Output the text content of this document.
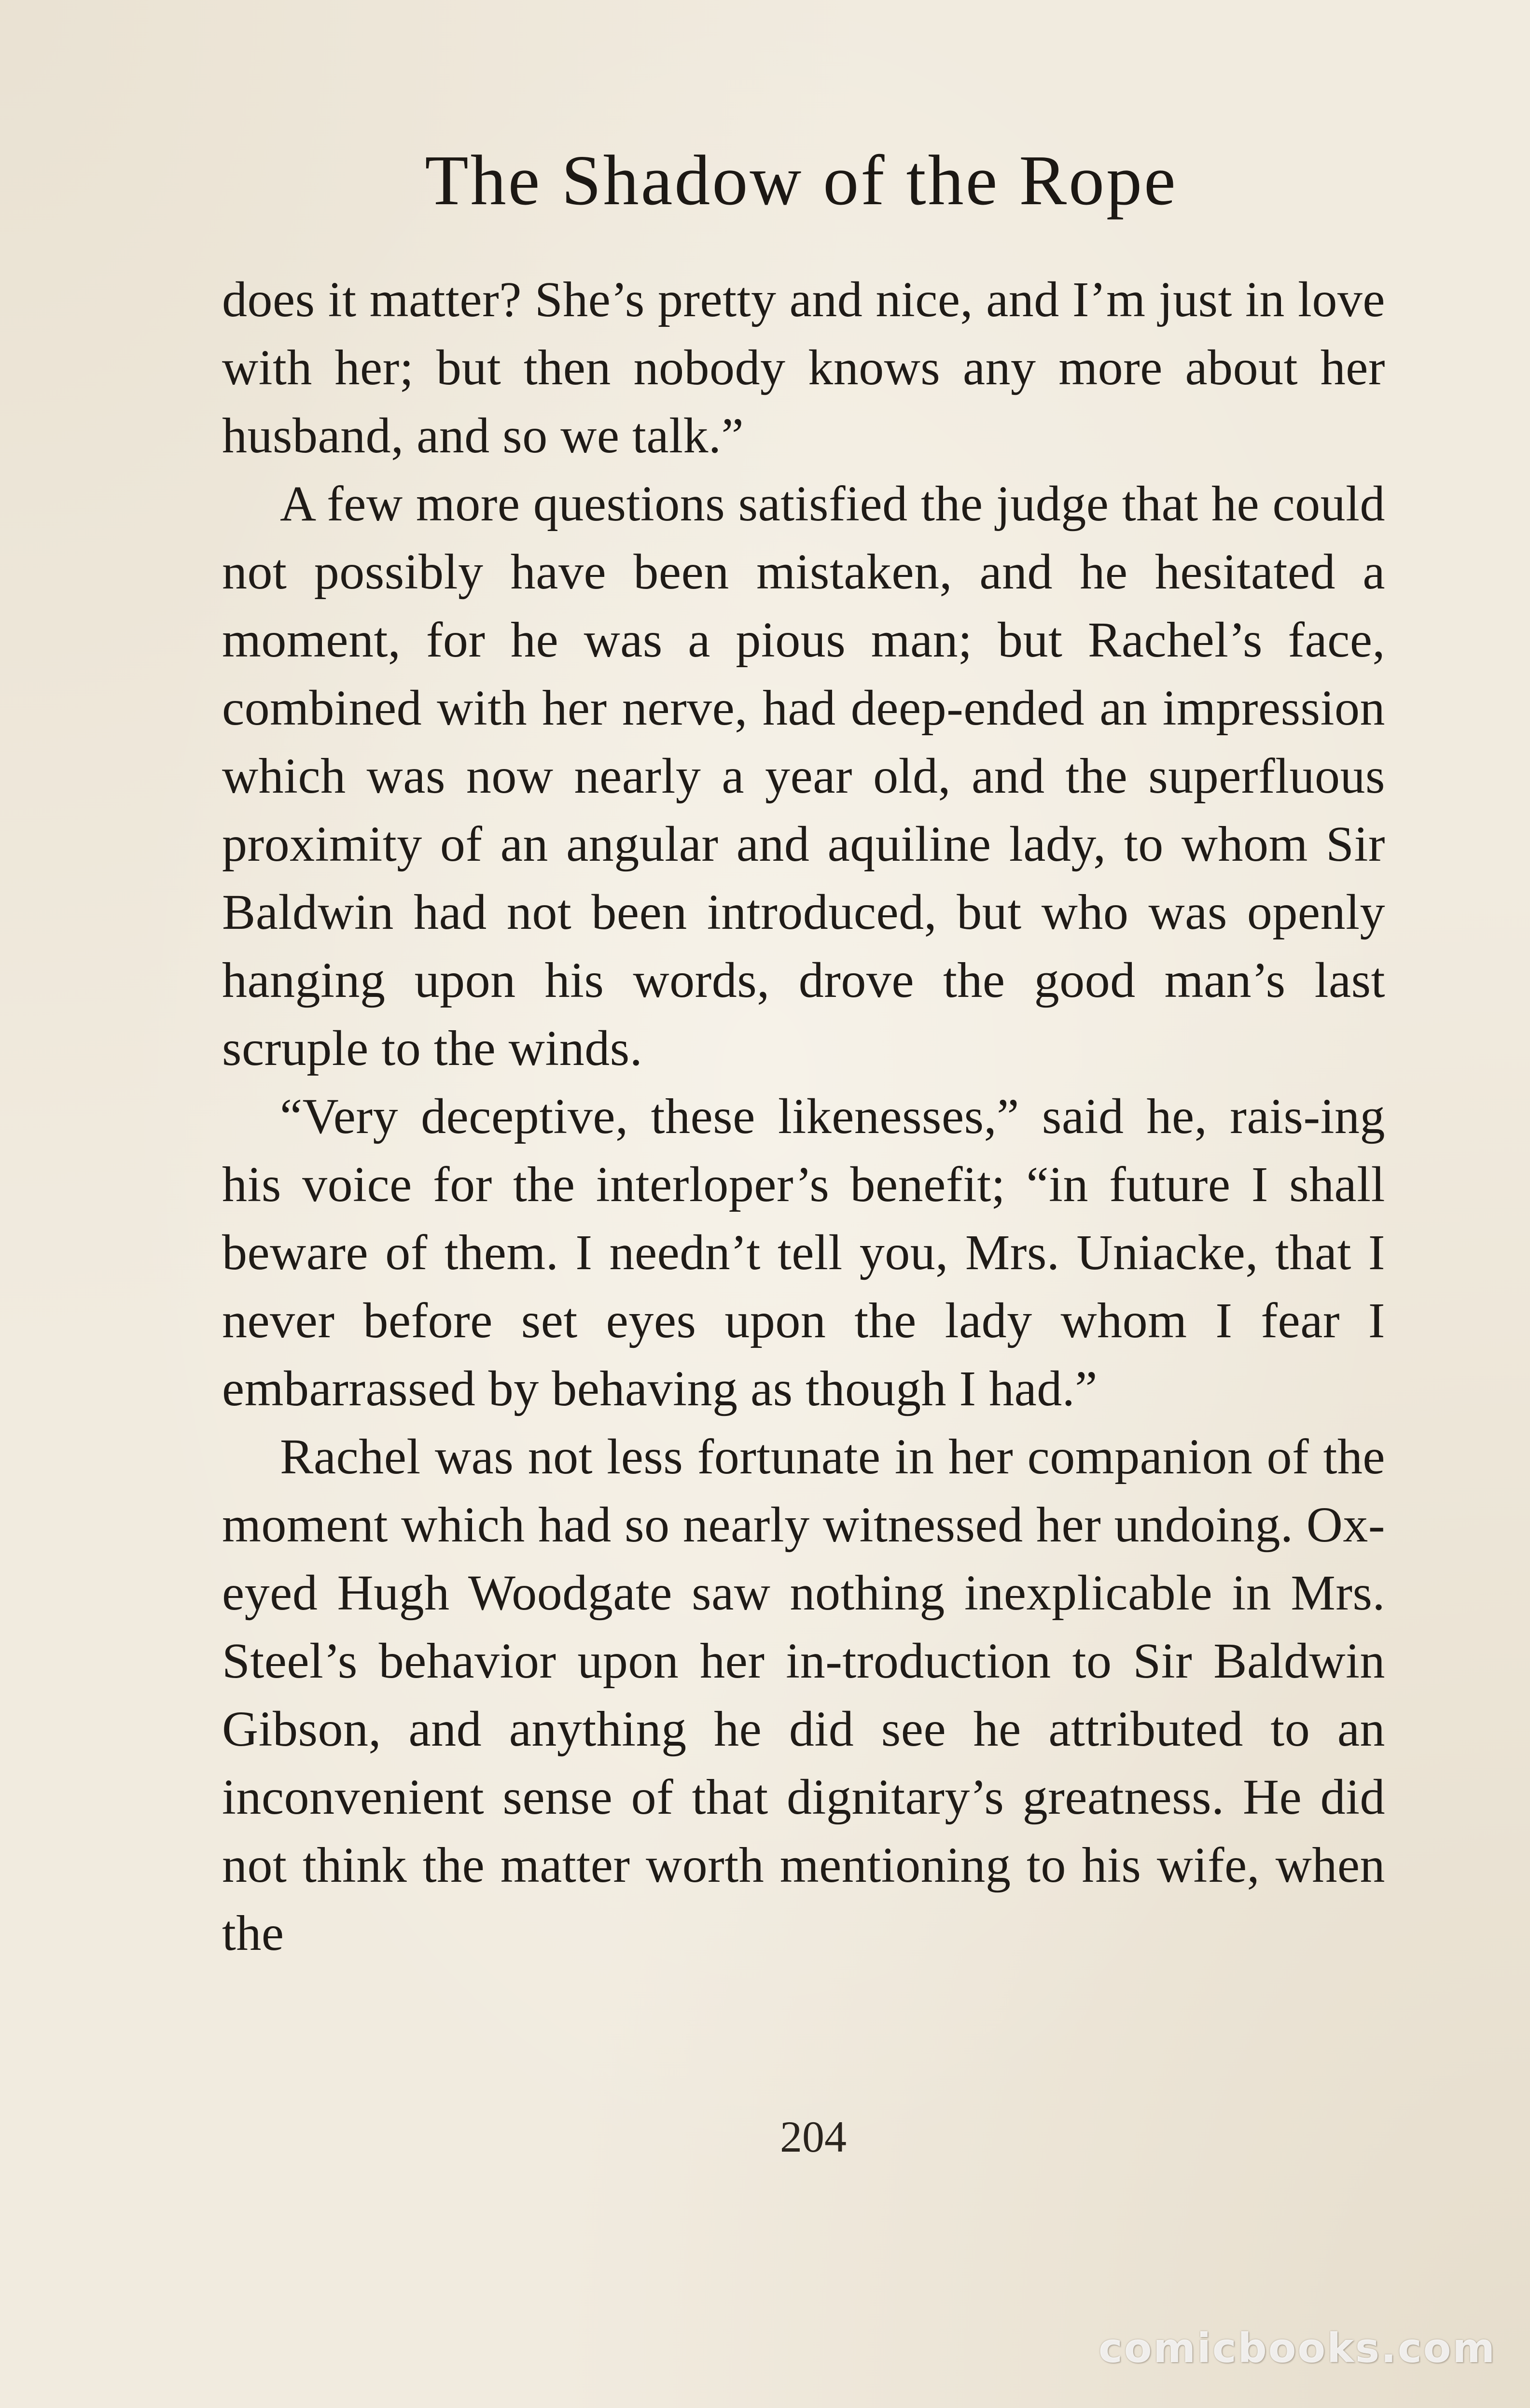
The Shadow of the Rope

does it matter? She’s pretty and nice, and I’m just in love with her; but then nobody knows any more about her husband, and so we talk.”

A few more questions satisfied the judge that he could not possibly have been mistaken, and he hesitated a moment, for he was a pious man; but Rachel’s face, combined with her nerve, had deep-ended an impression which was now nearly a year old, and the superfluous proximity of an angular and aquiline lady, to whom Sir Baldwin had not been introduced, but who was openly hanging upon his words, drove the good man’s last scruple to the winds.

“Very deceptive, these likenesses,” said he, rais-ing his voice for the interloper’s benefit; “in future I shall beware of them. I needn’t tell you, Mrs. Uniacke, that I never before set eyes upon the lady whom I fear I embarrassed by behaving as though I had.”

Rachel was not less fortunate in her companion of the moment which had so nearly witnessed her undoing. Ox-eyed Hugh Woodgate saw nothing inexplicable in Mrs. Steel’s behavior upon her in-troduction to Sir Baldwin Gibson, and anything he did see he attributed to an inconvenient sense of that dignitary’s greatness. He did not think the matter worth mentioning to his wife, when the

204
comicbooks.com
